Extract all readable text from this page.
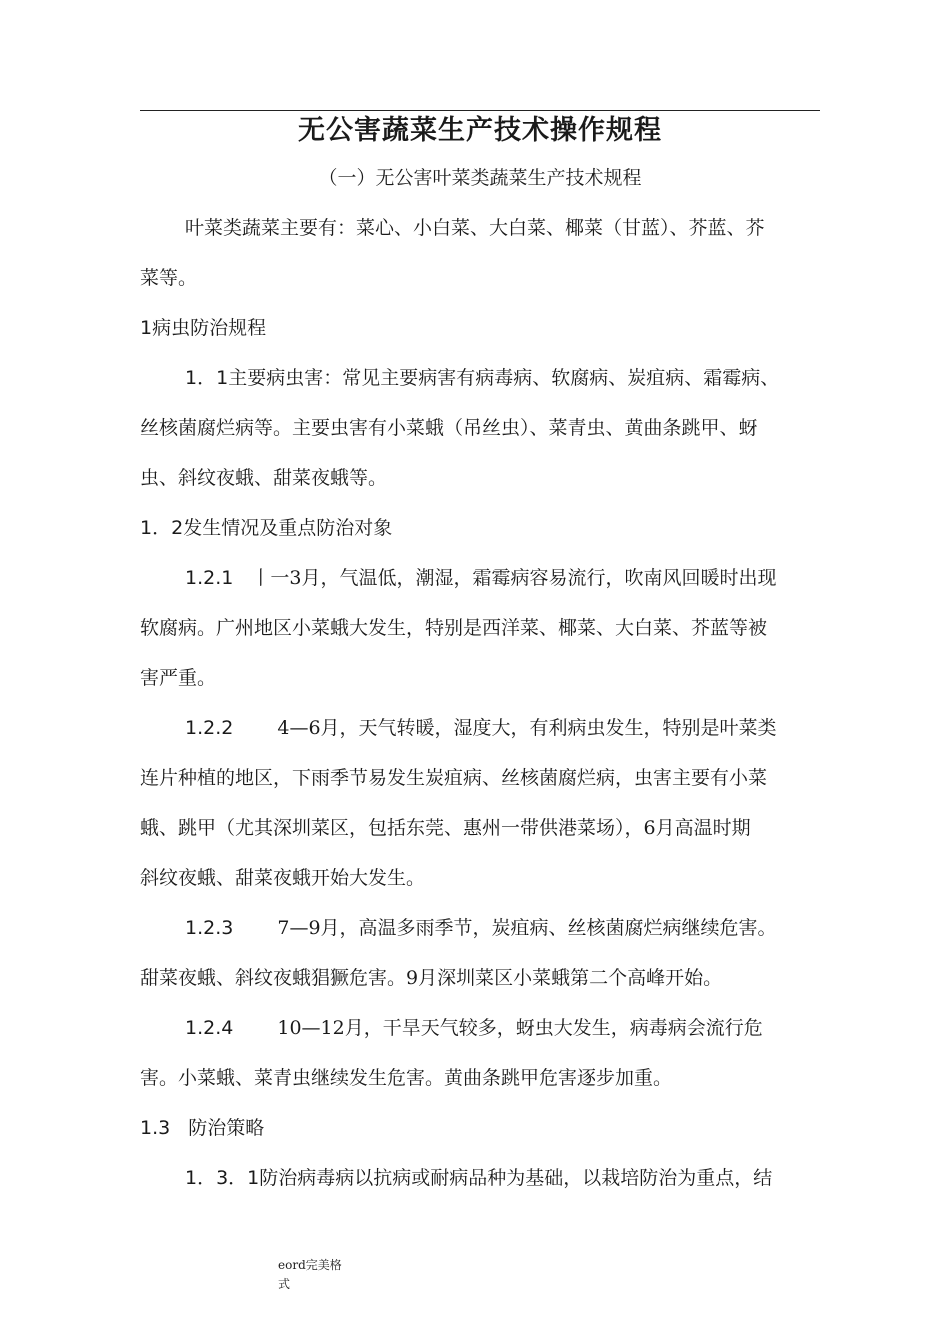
无公害蔬菜生产技术操作规程
（一）无公害叶菜类蔬菜生产技术规程
叶菜类蔬菜主要有：菜心、小白菜、大白菜、椰菜（甘蓝）、芥蓝、芥
菜等。
1病虫防治规程
1．1主要病虫害：常见主要病害有病毒病、软腐病、炭疽病、霜霉病、
丝核菌腐烂病等。主要虫害有小菜蛾（吊丝虫）、菜青虫、黄曲条跳甲、蚜
虫、斜纹夜蛾、甜菜夜蛾等。
1．2发生情况及重点防治对象
1.2.1 丨一3月，气温低，潮湿，霜霉病容易流行，吹南风回暖时出现
软腐病。广州地区小菜蛾大发生，特别是西洋菜、椰菜、大白菜、芥蓝等被
害严重。
1.2.2 4—6月，天气转暖，湿度大，有利病虫发生，特别是叶菜类
连片种植的地区，下雨季节易发生炭疽病、丝核菌腐烂病，虫害主要有小菜
蛾、跳甲（尤其深圳菜区，包括东莞、惠州一带供港菜场），6月高温时期
斜纹夜蛾、甜菜夜蛾开始大发生。
1.2.3 7—9月，高温多雨季节，炭疽病、丝核菌腐烂病继续危害。
甜菜夜蛾、斜纹夜蛾猖獗危害。9月深圳菜区小菜蛾第二个高峰开始。
1.2.4 10—12月，干旱天气较多，蚜虫大发生，病毒病会流行危
害。小菜蛾、菜青虫继续发生危害。黄曲条跳甲危害逐步加重。
1.3 防治策略
1．3．1防治病毒病以抗病或耐病品种为基础，以栽培防治为重点，结
eord完美格
式
